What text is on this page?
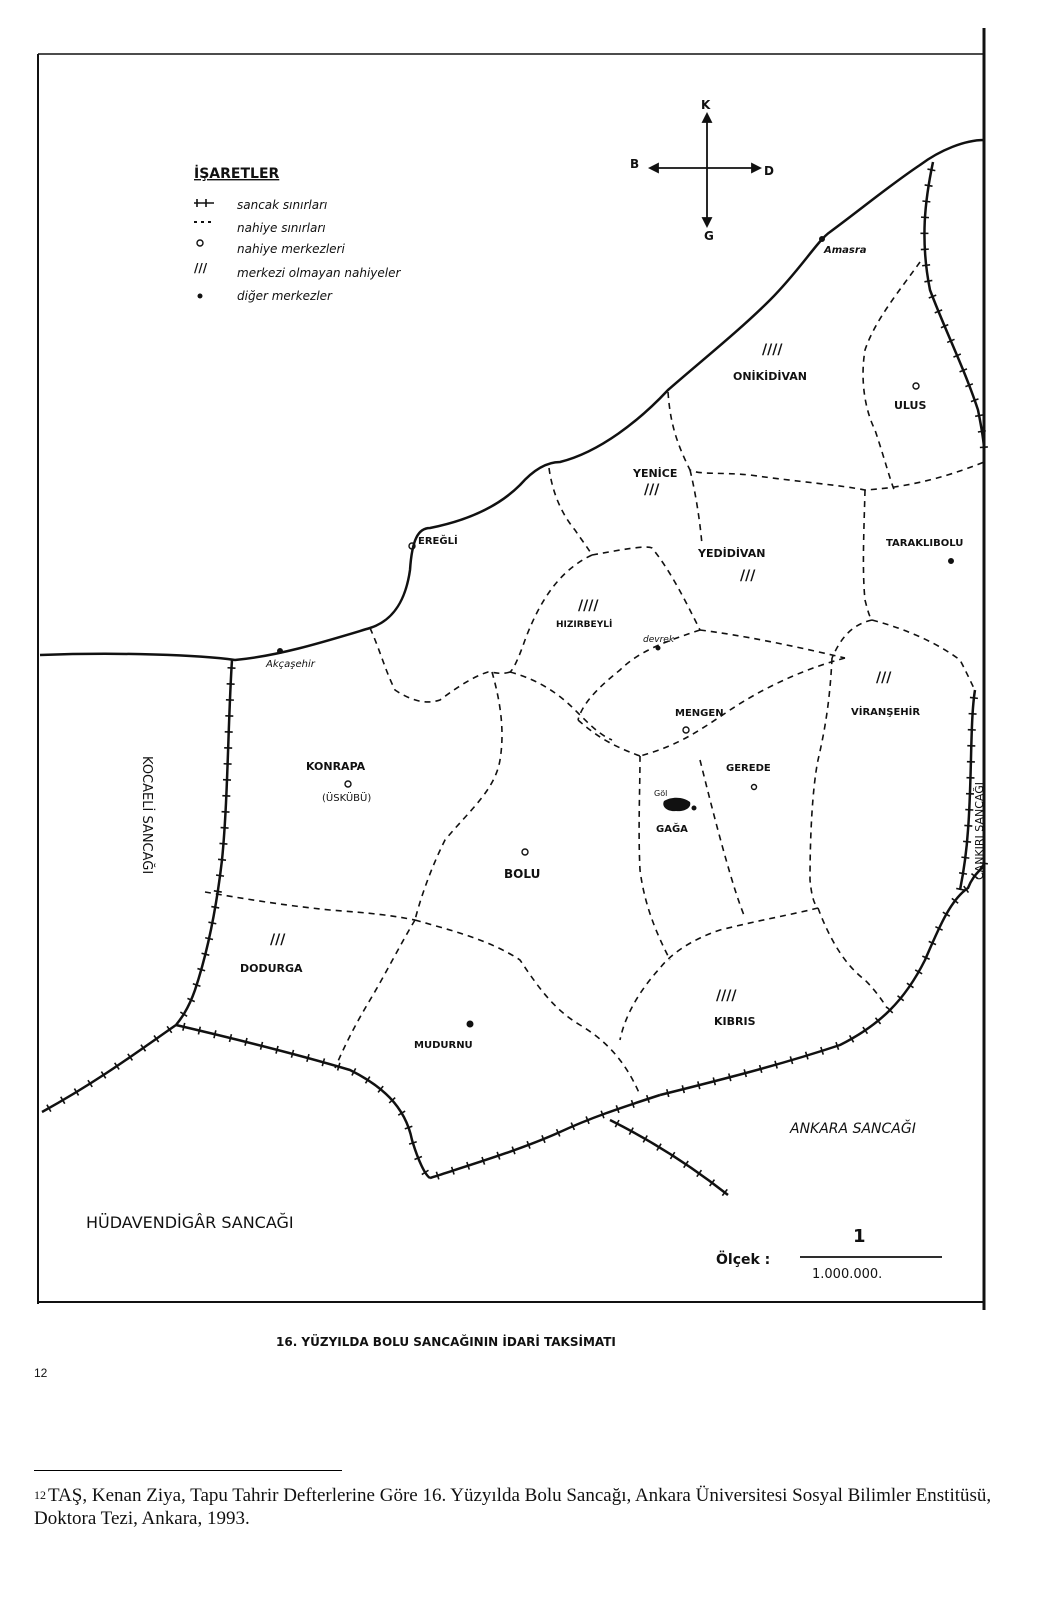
İŞARETLER
///
sancak sınırları
nahiye sınırları
nahiye merkezleri
merkezi olmayan nahiyeler
diğer merkezler
K
G
B	D
////
///
///
////
///
///
////
Amasra
ONİKİDİVAN
ULUS
YENİCE
EREĞLİ
YEDİDİVAN
TARAKLIBOLU
HIZIRBEYLİ
devrek
Akçaşehir
MENGEN	VİRANŞEHİR
KONRAPA
(ÜSKÜBÜ)
GEREDE
Göl
GAĞA
BOLU
DODURGA
MUDURNU
KIBRIS
KOCAELİ SANCAĞI	ÇANKIRI SANCAĞI
ANKARA SANCAĞI
HÜDAVENDİGÂR SANCAĞI
Ölçek :
1
1.000.000.
16. YÜZYILDA BOLU SANCAĞININ İDARİ TAKSİMATI
12
$^{12}$ TAŞ, Kenan Ziya, Tapu Tahrir Defterlerine Göre 16. Yüzyılda Bolu Sancağı, Ankara Üniversitesi Sosyal Bilimler Enstitüsü, Doktora Tezi, Ankara, 1993.
